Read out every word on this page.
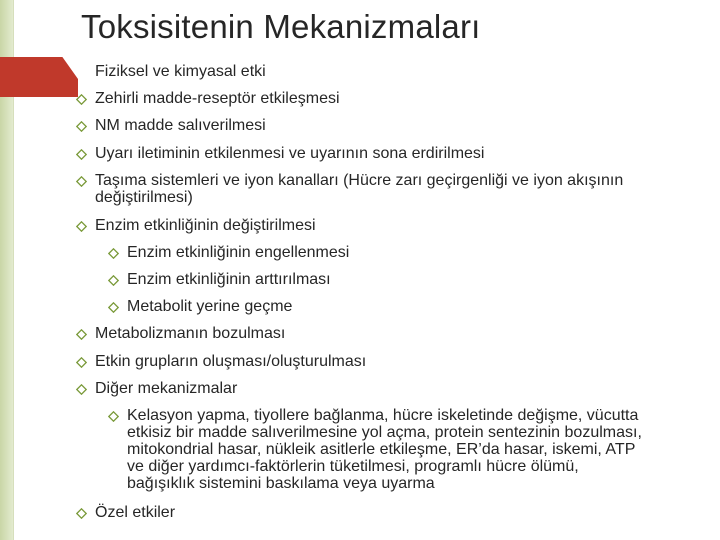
Toksisitenin Mekanizmaları
Fiziksel ve kimyasal etki
Zehirli madde-reseptör etkileşmesi
NM madde salıverilmesi
Uyarı iletiminin etkilenmesi ve uyarının sona erdirilmesi
Taşıma sistemleri ve iyon kanalları (Hücre zarı geçirgenliği ve iyon akışının
değiştirilmesi)
Enzim etkinliğinin değiştirilmesi
Enzim etkinliğinin engellenmesi
Enzim etkinliğinin arttırılması
Metabolit yerine geçme
Metabolizmanın bozulması
Etkin grupların oluşması/oluşturulması
Diğer mekanizmalar
Kelasyon yapma, tiyollere bağlanma, hücre iskeletinde değişme, vücutta
etkisiz bir madde salıverilmesine yol açma, protein sentezinin bozulması,
mitokondrial hasar, nükleik asitlerle etkileşme, ER’da hasar, iskemi, ATP
ve diğer yardımcı-faktörlerin tüketilmesi, programlı hücre ölümü,
bağışıklık sistemini baskılama veya uyarma
Özel etkiler
